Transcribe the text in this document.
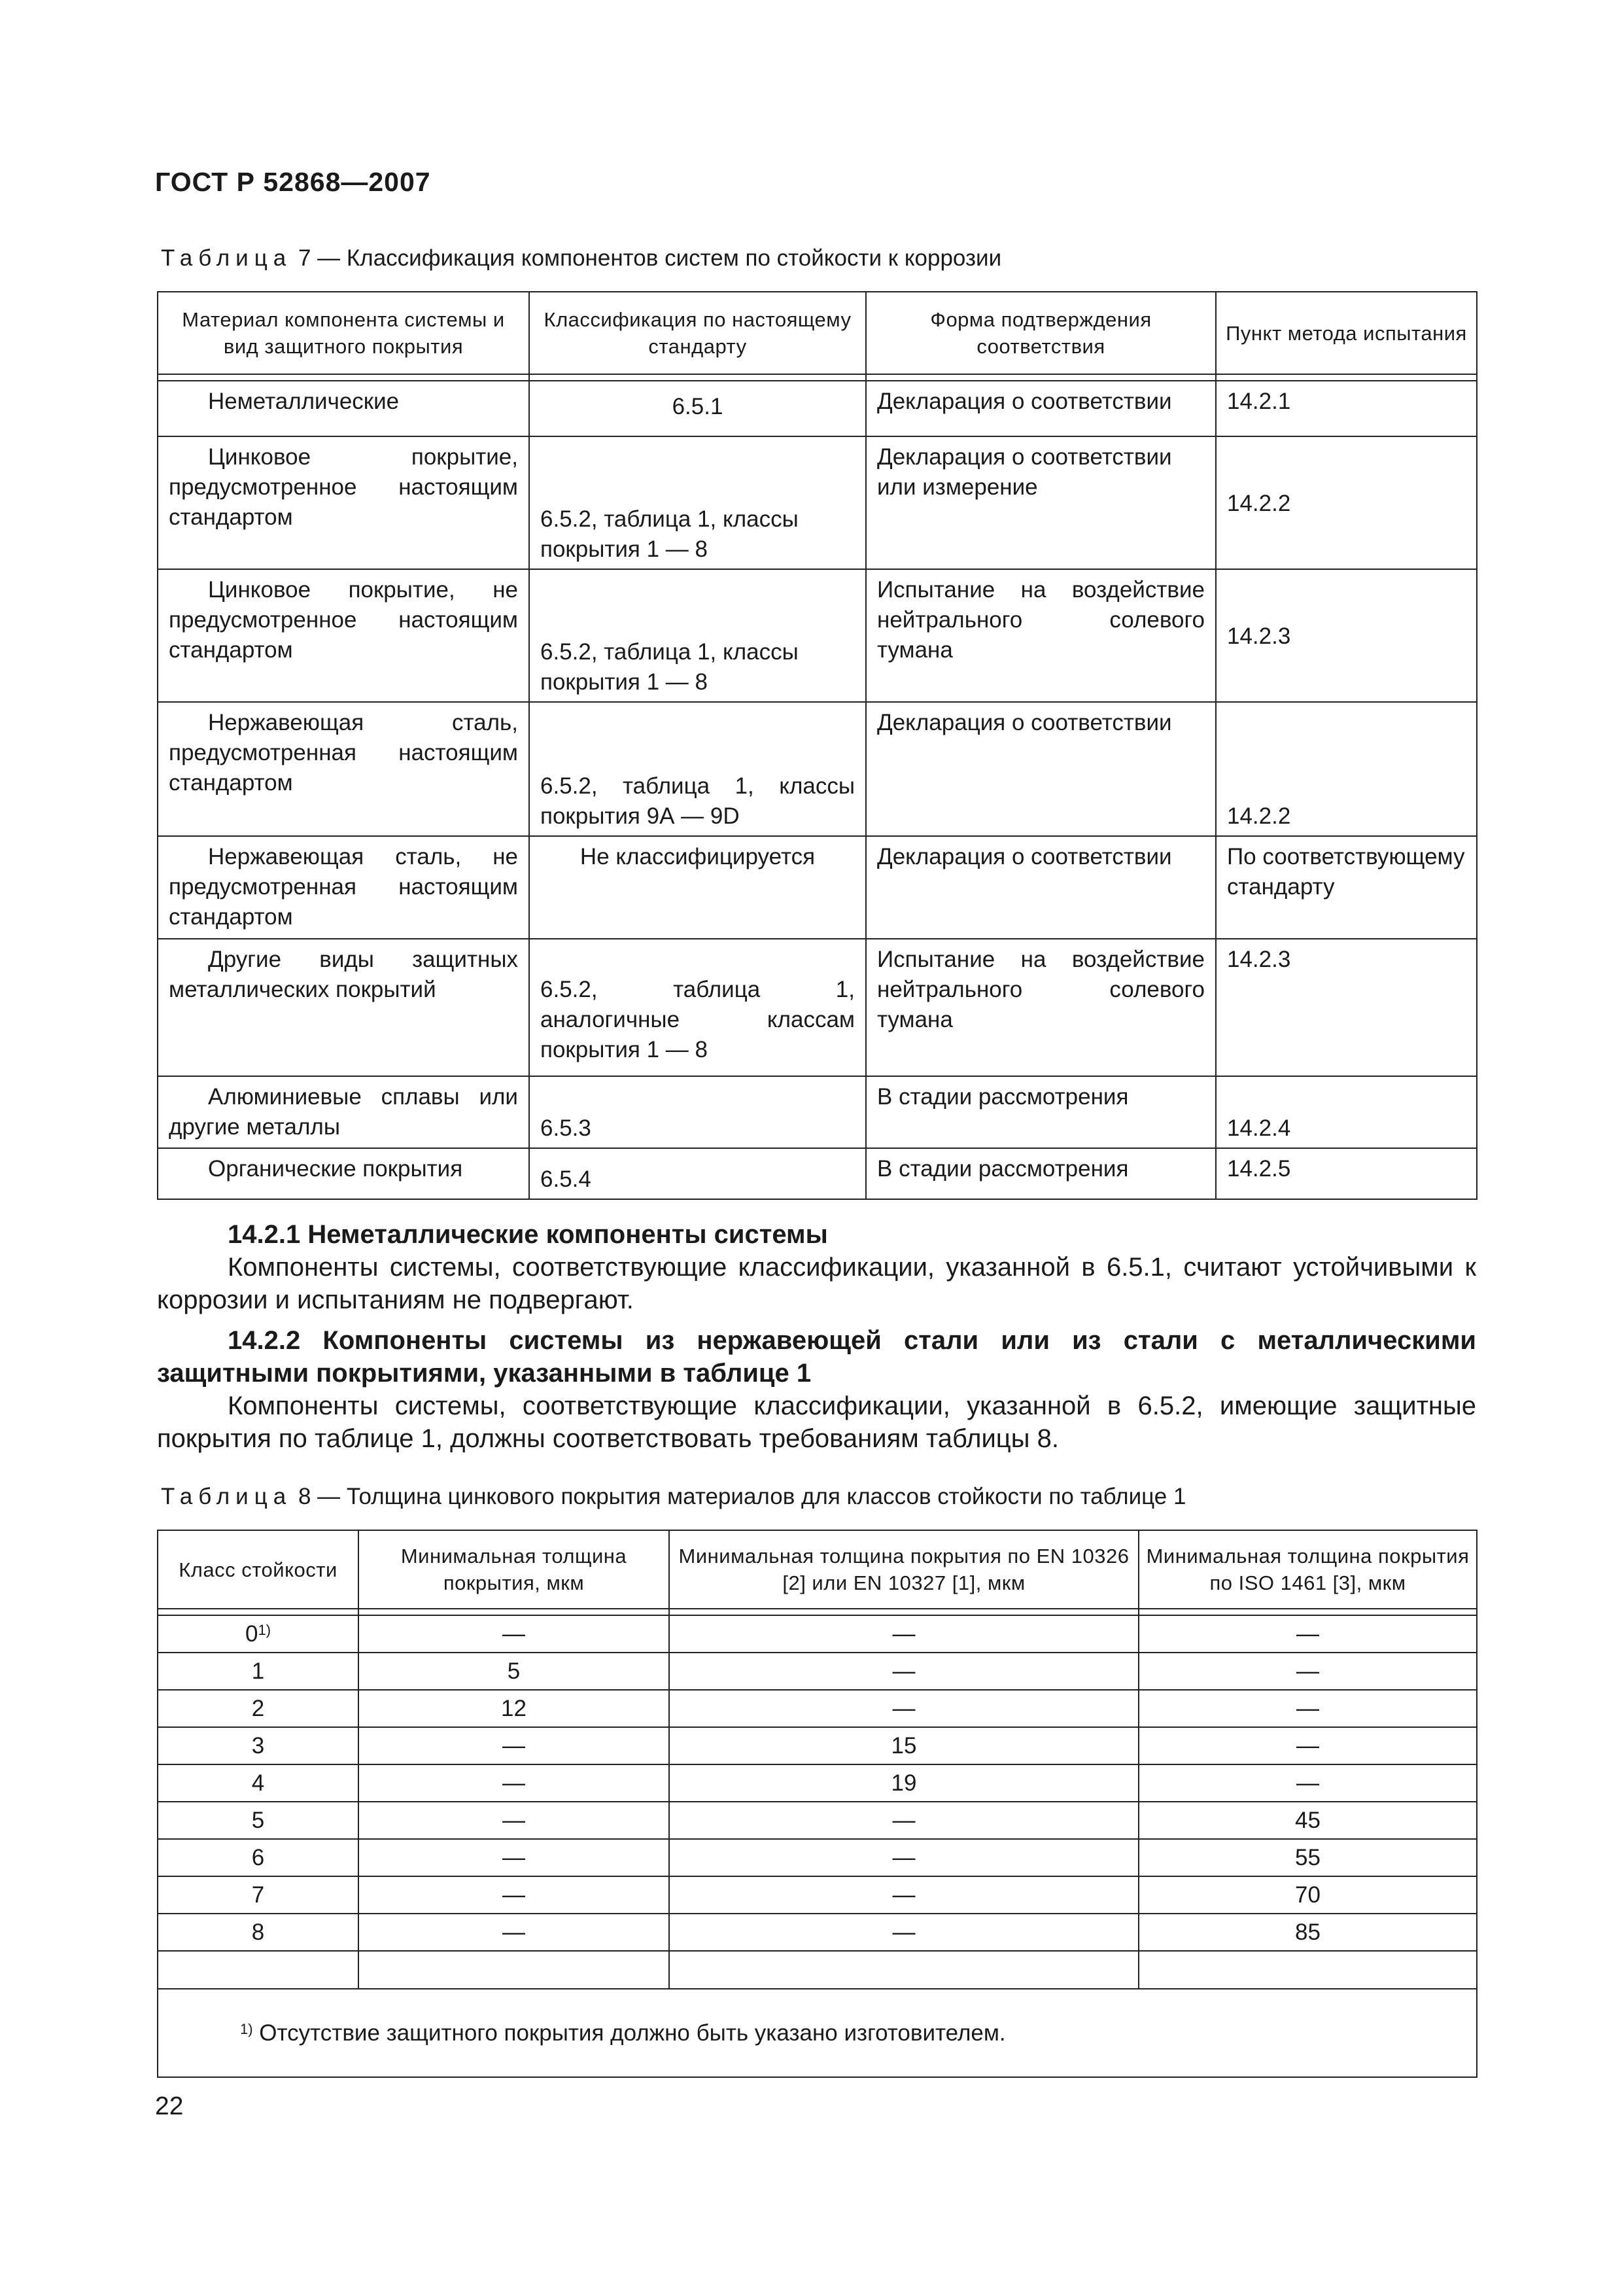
ГОСТ Р 52868—2007
Таблица 7 — Классификация компонентов систем по стойкости к коррозии
Материал компонента системы и вид защитного покрытия	Классификация по настоящему стандарту	Форма подтверждения соответствия	Пункт метода испытания

Неметаллические	6.5.1	Декларация о соответствии	14.2.1
Цинковое покрытие, предусмотренное настоящим стандартом	6.5.2, таблица 1, классы покрытия 1 — 8	Декларация о соответствии или измерение	14.2.2
Цинковое покрытие, не предусмотренное настоящим стандартом	6.5.2, таблица 1, классы покрытия 1 — 8	Испытание на воздействие нейтрального солевого тумана	14.2.3
Нержавеющая сталь, предусмотренная настоящим стандартом	6.5.2, таблица 1, классы покрытия 9А — 9D	Декларация о соответствии	14.2.2
Нержавеющая сталь, не предусмотренная настоящим стандартом	Не классифицируется	Декларация о соответствии	По соответствующему стандарту
Другие виды защитных металлических покрытий	6.5.2, таблица 1, аналогичные классам покрытия 1 — 8	Испытание на воздействие нейтрального солевого тумана	14.2.3
Алюминиевые сплавы или другие металлы	6.5.3	В стадии рассмотрения	14.2.4
Органические покрытия	6.5.4	В стадии рассмотрения	14.2.5

14.2.1 Неметаллические компоненты системы

Компоненты системы, соответствующие классификации, указанной в 6.5.1, считают устойчивыми к коррозии и испытаниям не подвергают.

14.2.2 Компоненты системы из нержавеющей стали или из стали с металлическими защитными покрытиями, указанными в таблице 1

Компоненты системы, соответствующие классификации, указанной в 6.5.2, имеющие защитные покрытия по таблице 1, должны соответствовать требованиям таблицы 8.

Таблица 8 — Толщина цинкового покрытия материалов для классов стойкости по таблице 1
Класс стойкости	Минимальная толщина покрытия, мкм	Минимальная толщина покрытия по EN 10326 [2] или EN 10327 [1], мкм	Минимальная толщина покрытия по ISO 1461 [3], мкм

0$^{1)}$	—	—	—
1	5	—	—
2	12	—	—
3	—	15	—
4	—	19	—
5	—	—	45
6	—	—	55
7	—	—	70
8	—	—	85

$^{1)}$ Отсутствие защитного покрытия должно быть указано изготовителем.			
22
